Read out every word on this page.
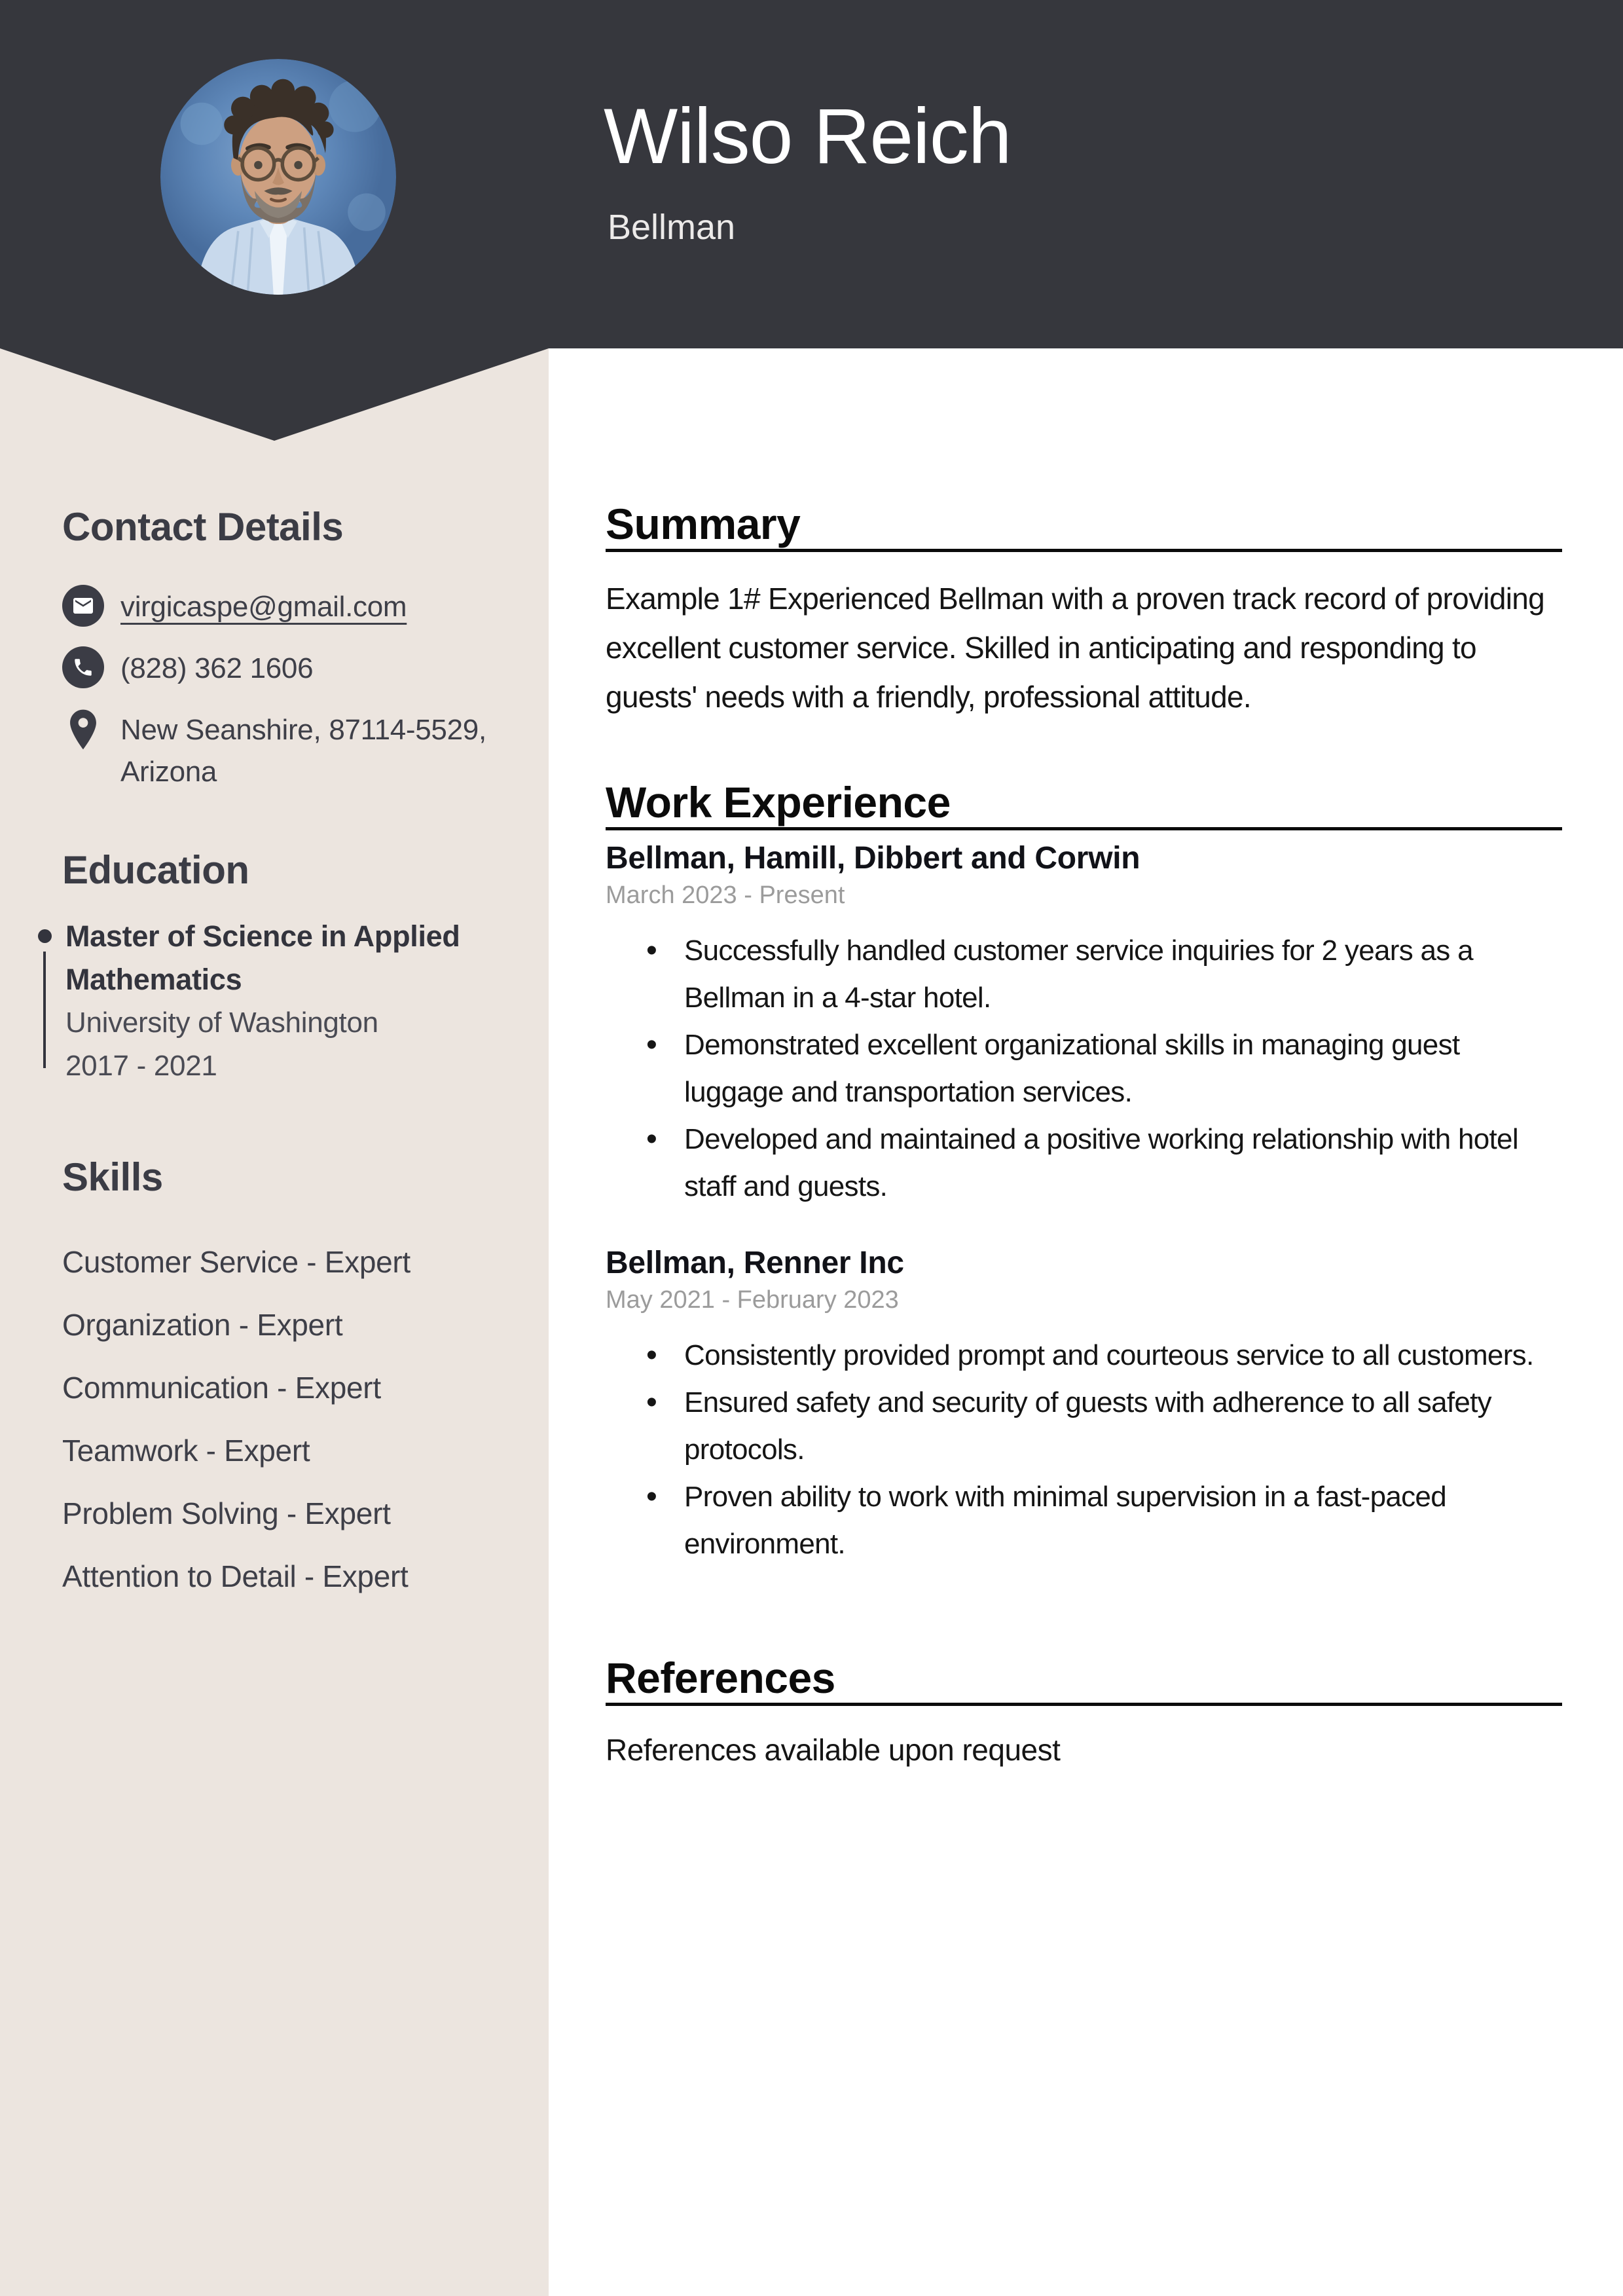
Wilso Reich
Bellman
Contact Details
virgicaspe@gmail.com
(828) 362 1606
New Seanshire, 87114-5529, Arizona
Education
Master of Science in Applied Mathematics
University of Washington
2017 - 2021
Skills
Customer Service - Expert
Organization - Expert
Communication - Expert
Teamwork - Expert
Problem Solving - Expert
Attention to Detail - Expert
Summary
Example 1# Experienced Bellman with a proven track record of providing excellent customer service. Skilled in anticipating and responding to guests' needs with a friendly, professional attitude.
Work Experience
Bellman, Hamill, Dibbert and Corwin
March 2023 - Present
• Successfully handled customer service inquiries for 2 years as a Bellman in a 4-star hotel.
• Demonstrated excellent organizational skills in managing guest luggage and transportation services.
• Developed and maintained a positive working relationship with hotel staff and guests.
Bellman, Renner Inc
May 2021 - February 2023
• Consistently provided prompt and courteous service to all customers.
• Ensured safety and security of guests with adherence to all safety protocols.
• Proven ability to work with minimal supervision in a fast-paced environment.
References
References available upon request
